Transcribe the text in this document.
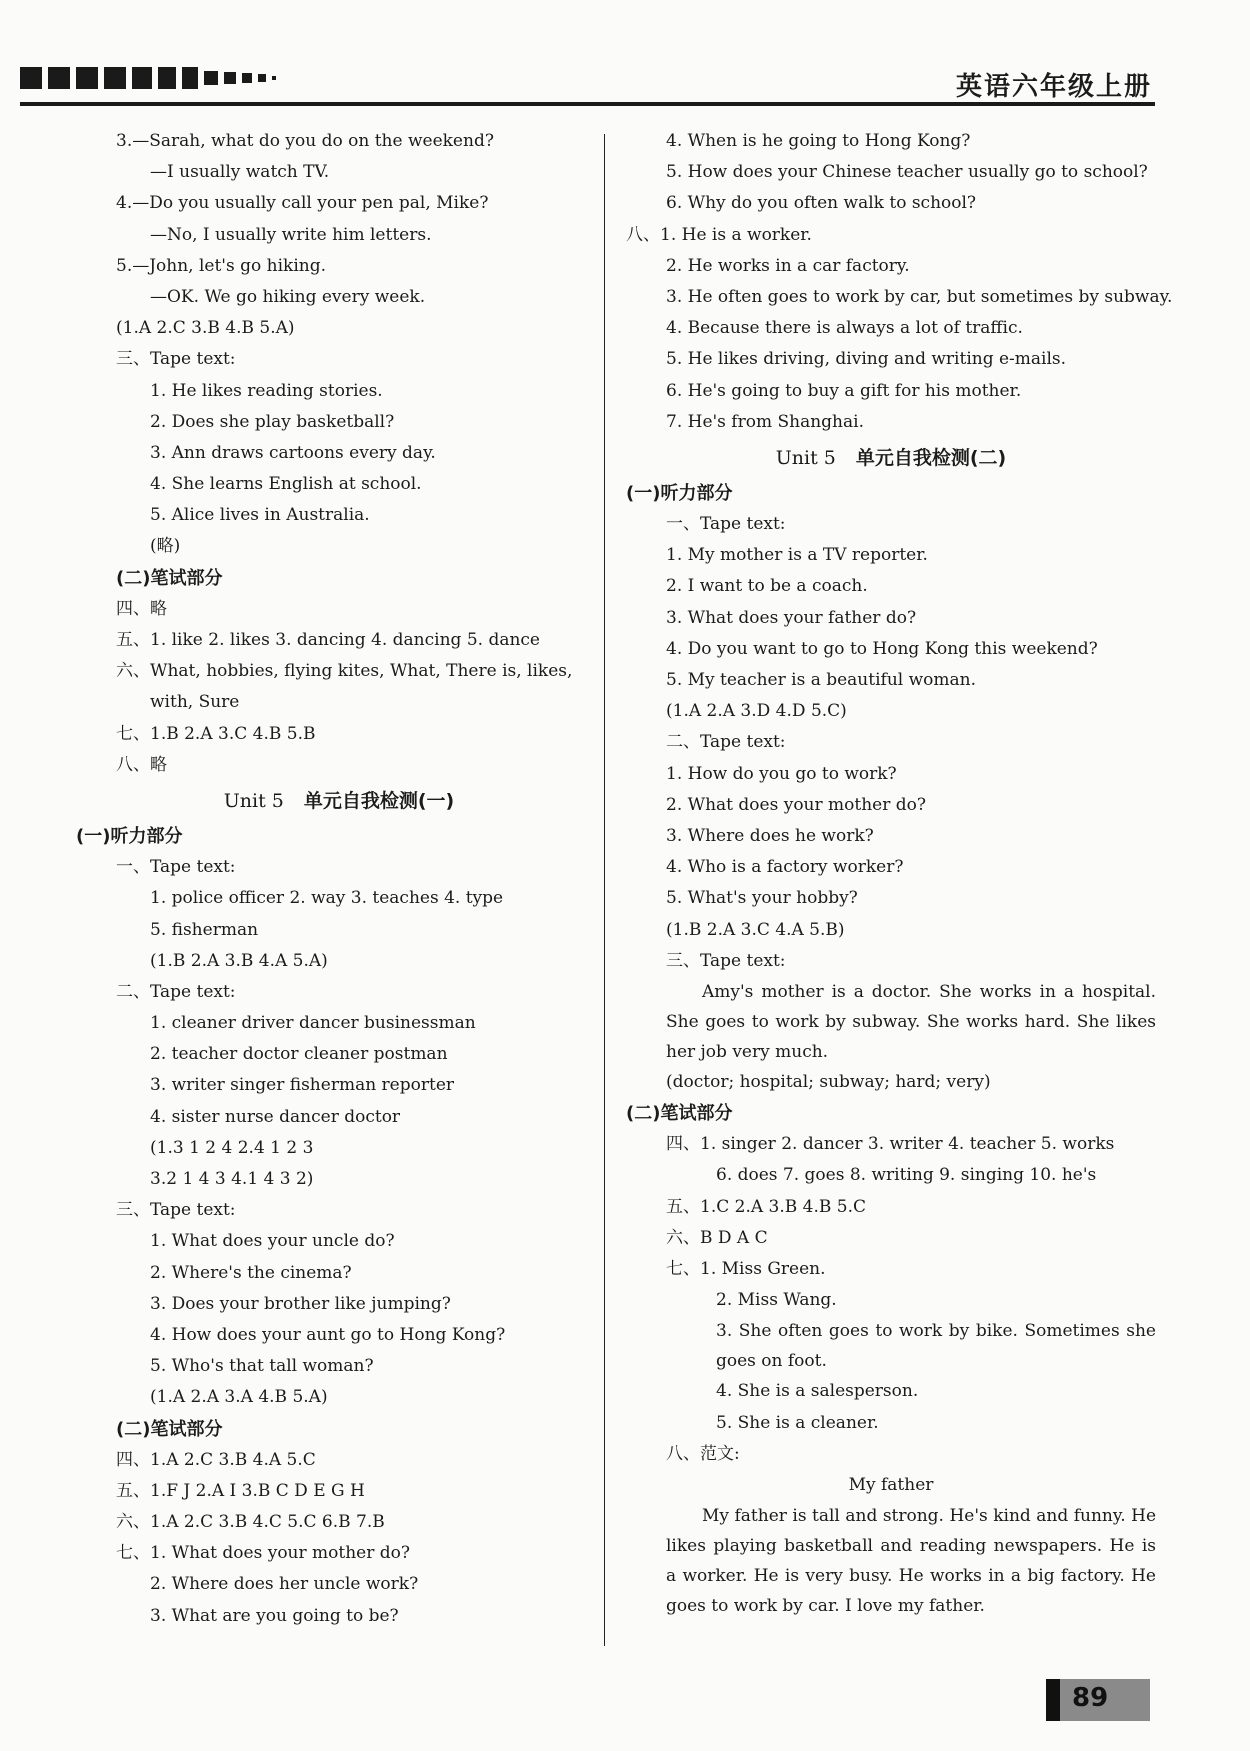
英语六年级上册
3.—Sarah, what do you do on the weekend?
—I usually watch TV.
4.—Do you usually call your pen pal, Mike?
—No, I usually write him letters.
5.—John, let's go hiking.
—OK. We go hiking every week.
(1.A 2.C 3.B 4.B 5.A)
三、Tape text:
1. He likes reading stories.
2. Does she play basketball?
3. Ann draws cartoons every day.
4. She learns English at school.
5. Alice lives in Australia.
(略)
(二)笔试部分
四、略
五、1. like 2. likes 3. dancing 4. dancing 5. dance
六、What, hobbies, flying kites, What, There is, likes,
with, Sure
七、1.B 2.A 3.C 4.B 5.B
八、略
Unit 5 单元自我检测(一)
(一)听力部分
一、Tape text:
1. police officer 2. way 3. teaches 4. type
5. fisherman
(1.B 2.A 3.B 4.A 5.A)
二、Tape text:
1. cleaner driver dancer businessman
2. teacher doctor cleaner postman
3. writer singer fisherman reporter
4. sister nurse dancer doctor
(1.3 1 2 4 2.4 1 2 3
3.2 1 4 3 4.1 4 3 2)
三、Tape text:
1. What does your uncle do?
2. Where's the cinema?
3. Does your brother like jumping?
4. How does your aunt go to Hong Kong?
5. Who's that tall woman?
(1.A 2.A 3.A 4.B 5.A)
(二)笔试部分
四、1.A 2.C 3.B 4.A 5.C
五、1.F J 2.A I 3.B C D E G H
六、1.A 2.C 3.B 4.C 5.C 6.B 7.B
七、1. What does your mother do?
2. Where does her uncle work?
3. What are you going to be?
4. When is he going to Hong Kong?
5. How does your Chinese teacher usually go to school?
6. Why do you often walk to school?
八、1. He is a worker.
2. He works in a car factory.
3. He often goes to work by car, but sometimes by subway.
4. Because there is always a lot of traffic.
5. He likes driving, diving and writing e-mails.
6. He's going to buy a gift for his mother.
7. He's from Shanghai.
Unit 5 单元自我检测(二)
(一)听力部分
一、Tape text:
1. My mother is a TV reporter.
2. I want to be a coach.
3. What does your father do?
4. Do you want to go to Hong Kong this weekend?
5. My teacher is a beautiful woman.
(1.A 2.A 3.D 4.D 5.C)
二、Tape text:
1. How do you go to work?
2. What does your mother do?
3. Where does he work?
4. Who is a factory worker?
5. What's your hobby?
(1.B 2.A 3.C 4.A 5.B)
三、Tape text:
Amy's mother is a doctor. She works in a hospital. She goes to work by subway. She works hard. She likes her job very much.
(doctor; hospital; subway; hard; very)
(二)笔试部分
四、1. singer 2. dancer 3. writer 4. teacher 5. works
6. does 7. goes 8. writing 9. singing 10. he's
五、1.C 2.A 3.B 4.B 5.C
六、B D A C
七、1. Miss Green.
2. Miss Wang.
3. She often goes to work by bike. Sometimes she goes on foot.
4. She is a salesperson.
5. She is a cleaner.
八、范文:
My father
My father is tall and strong. He's kind and funny. He likes playing basketball and reading newspapers. He is a worker. He is very busy. He works in a big factory. He goes to work by car. I love my father.
89
